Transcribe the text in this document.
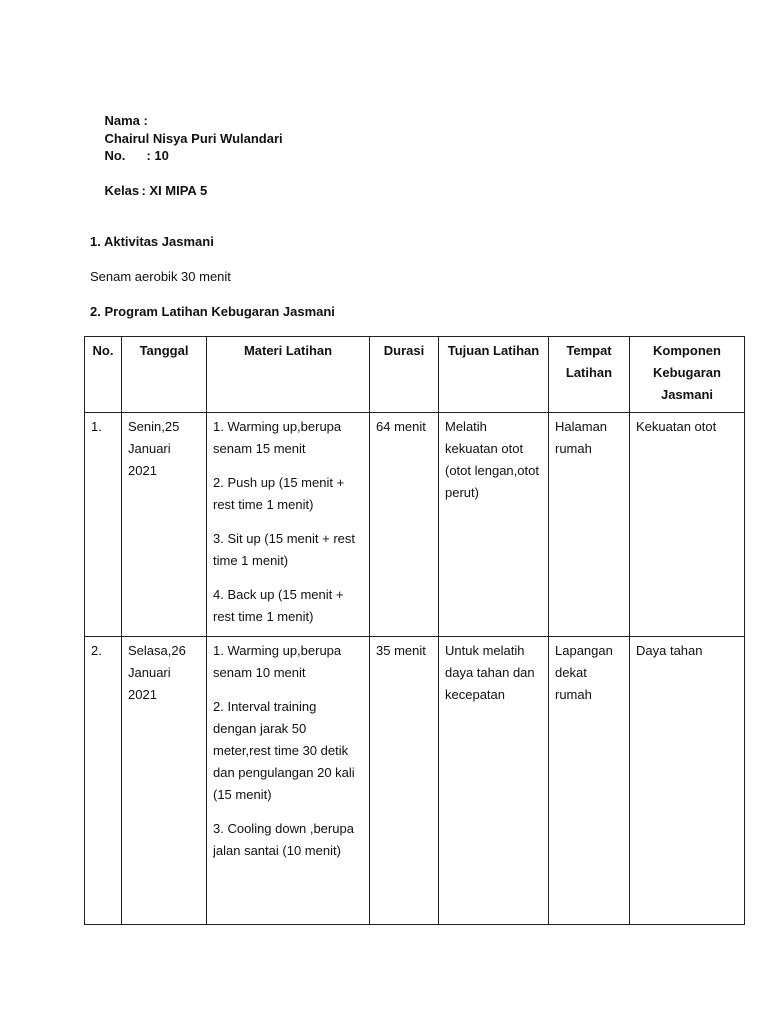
Nama :
Chairul Nisya Puri Wulandari

No. : 10

Kelas : XI MIPA 5

1. Aktivitas Jasmani
Senam aerobik 30 menit
2. Program Latihan Kebugaran Jasmani
No.	Tanggal	Materi Latihan	Durasi	Tujuan Latihan	Tempat Latihan	Komponen Kebugaran Jasmani
1.	Senin,25 Januari 2021	1. Warming up,berupa senam 15 menit

2. Push up (15 menit + rest time 1 menit)

3. Sit up (15 menit + rest time 1 menit)

4. Back up (15 menit + rest time 1 menit)	64 menit	Melatih kekuatan otot (otot lengan,otot perut)	Halaman rumah	Kekuatan otot
2.	Selasa,26 Januari 2021	1. Warming up,berupa senam 10 menit

2. Interval training dengan jarak 50 meter,rest time 30 detik dan pengulangan 20 kali (15 menit)

3. Cooling down ,berupa jalan santai (10 menit)	35 menit	Untuk melatih daya tahan dan kecepatan	Lapangan dekat rumah	Daya tahan
